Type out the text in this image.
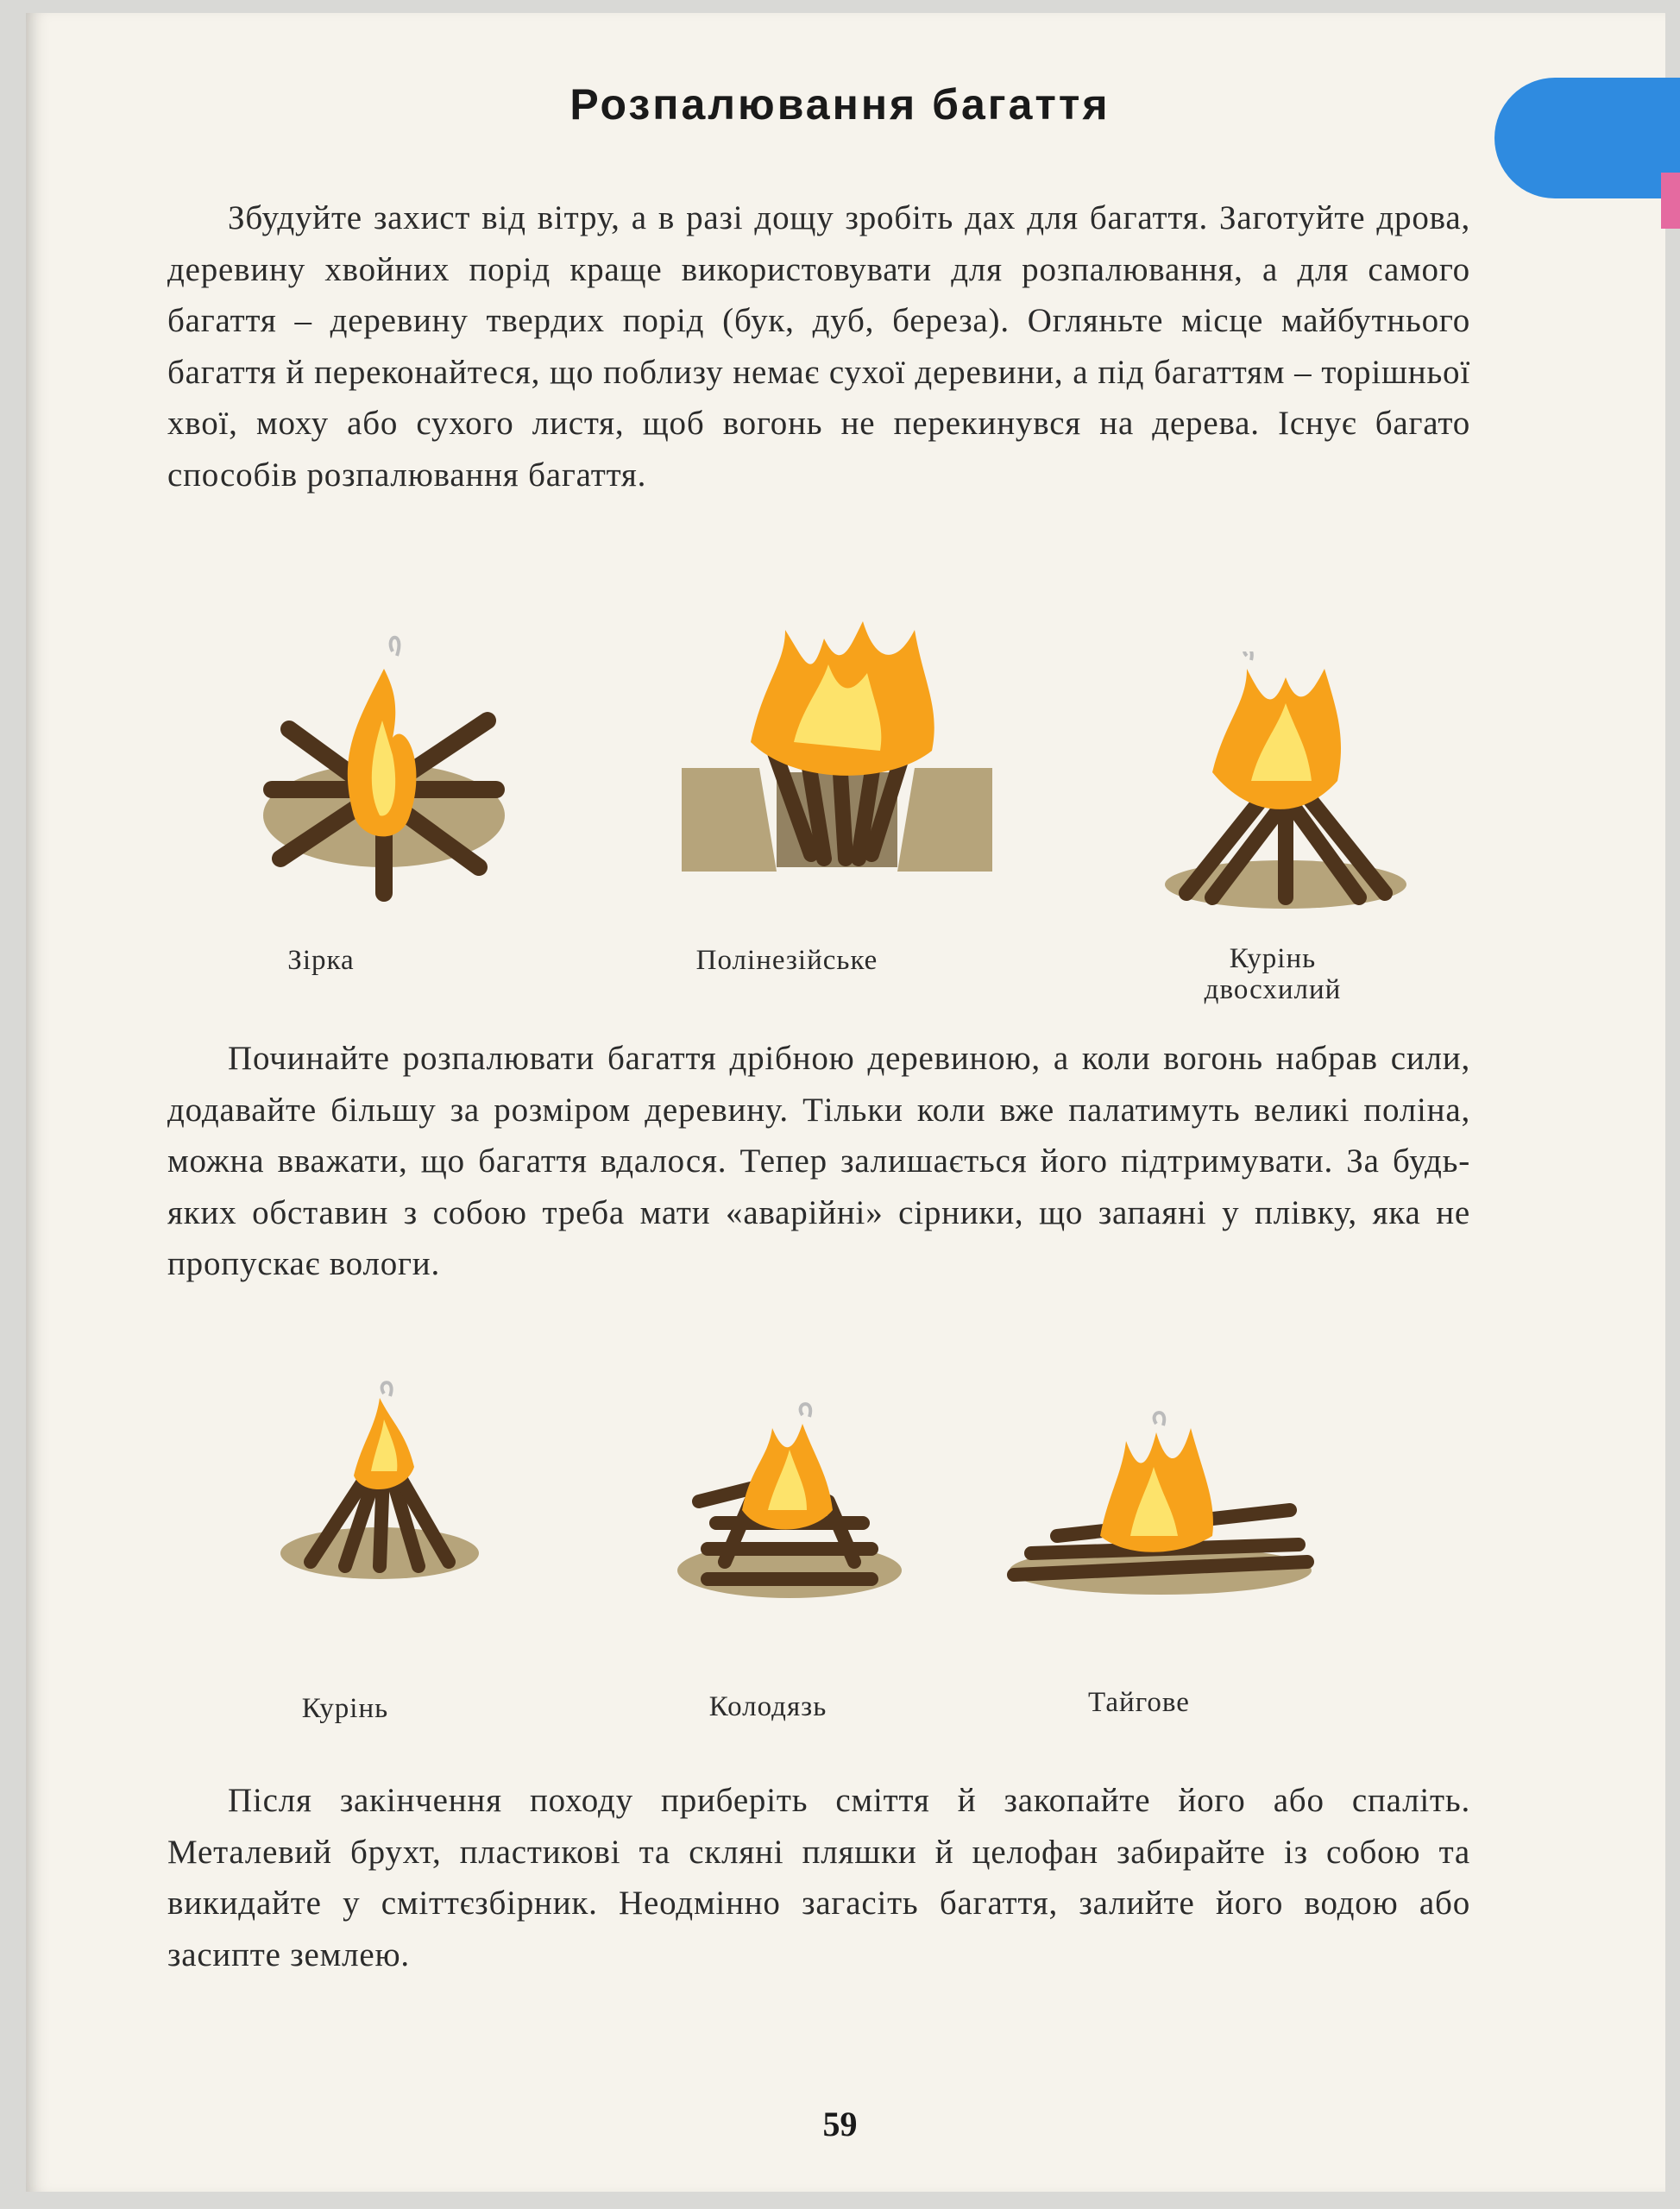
Розпалювання багаття

Збудуйте захист від вітру, а в разі дощу зробіть дах для багаття. Заготуйте дрова, деревину хвойних порід краще використовувати для розпалювання, а для самого багаття – деревину твердих порід (бук, дуб, береза). Огляньте місце майбутнього багаття й переконайтеся, що поблизу немає сухої деревини, а під багаттям – торішньої хвої, моху або сухого листя, щоб вогонь не перекинувся на дерева. Існує багато способів розпалювання багаття.

Зірка	Полінезійське	Курінь
двосхилий

Починайте розпалювати багаття дрібною деревиною, а коли вогонь набрав сили, додавайте більшу за розміром деревину. Тільки коли вже палатимуть великі поліна, можна вважати, що багаття вдалося. Тепер залишається його підтримувати. За будь-яких обставин з собою треба мати «аварійні» сірники, що запаяні у плівку, яка не пропускає вологи.

Курінь	Колодязь	Тайгове

Після закінчення походу приберіть сміття й закопайте його або спаліть. Металевий брухт, пластикові та скляні пляшки й целофан забирайте із собою та викидайте у сміттєзбірник. Неодмінно загасіть багаття, залийте його водою або засипте землею.

59
